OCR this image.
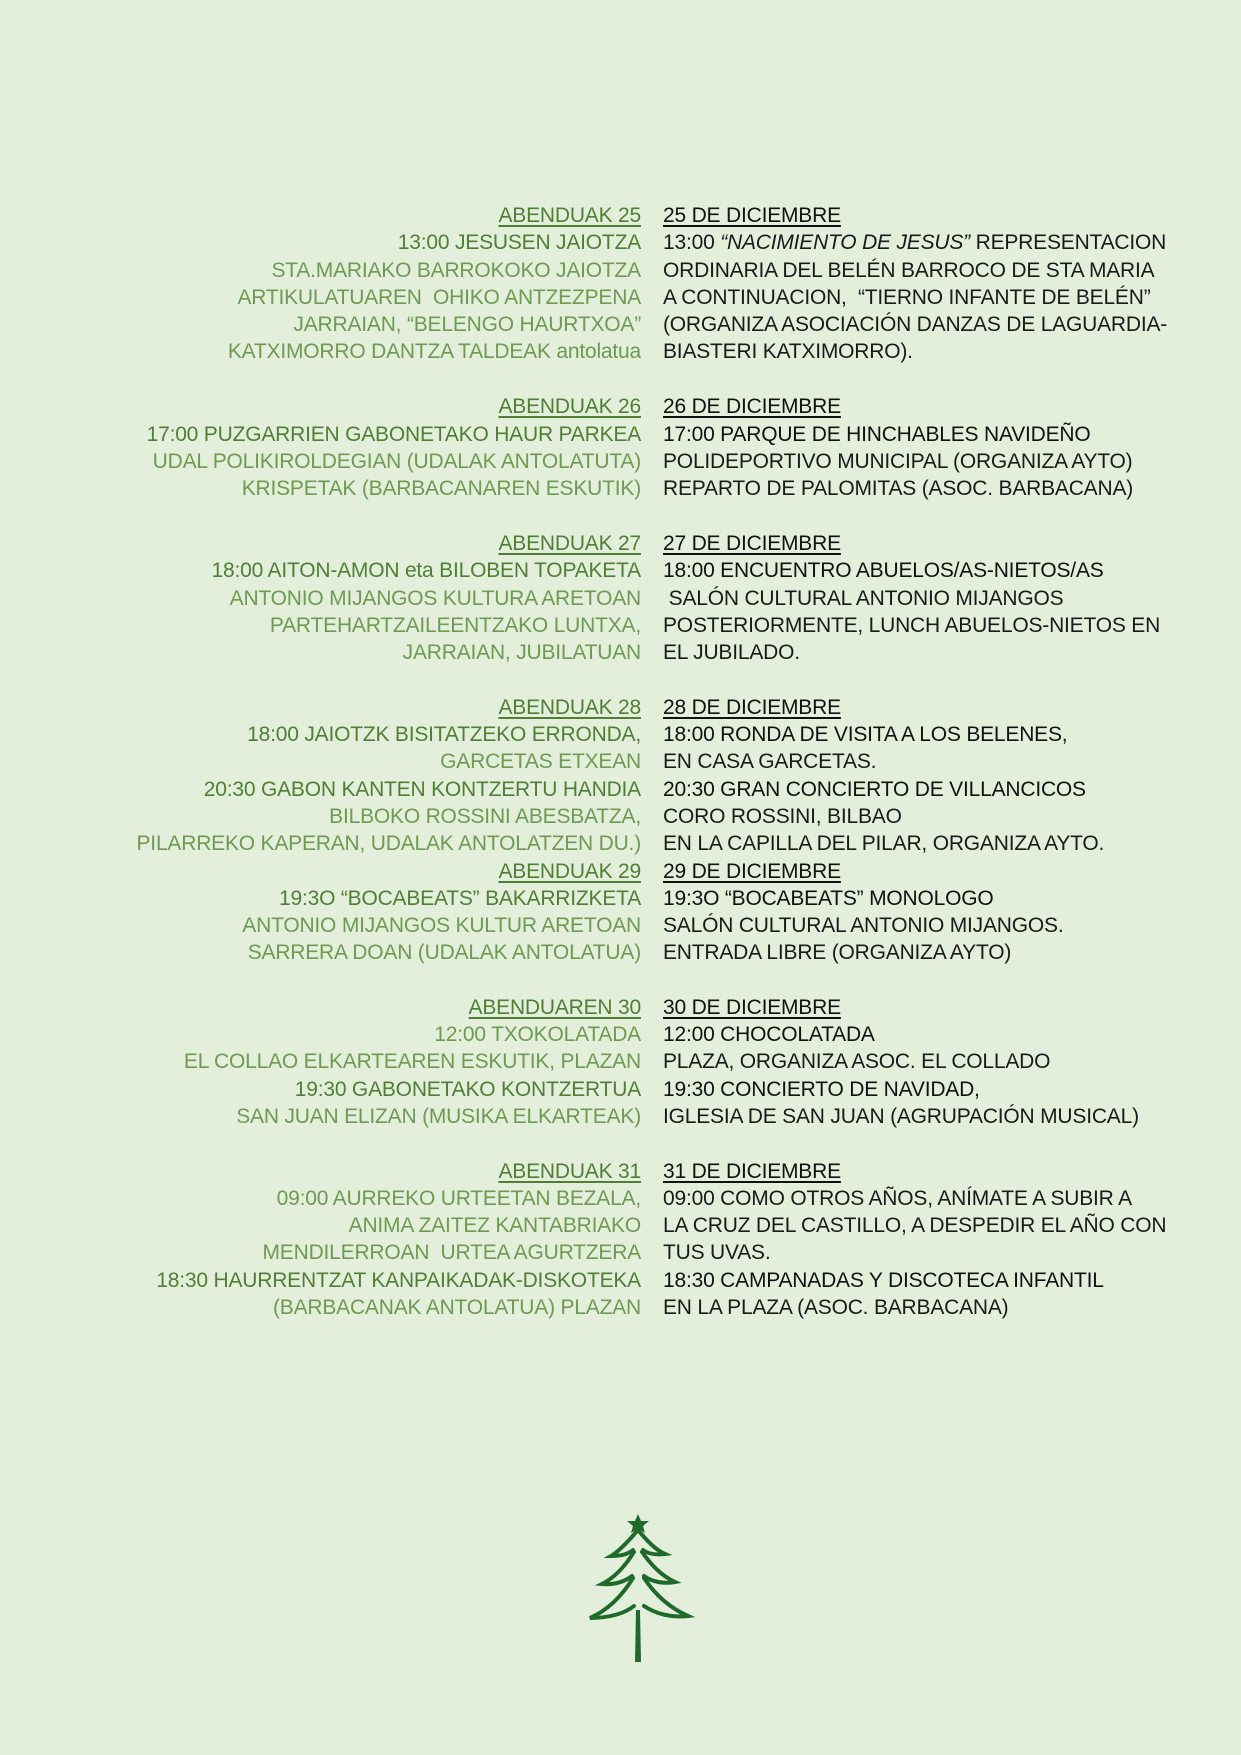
ABENDUAK 25
13:00 JESUSEN JAIOTZA
STA.MARIAKO BARROKOKO JAIOTZA
ARTIKULATUAREN  OHIKO ANTZEZPENA
JARRAIAN, “BELENGO HAURTXOA”
KATXIMORRO DANTZA TALDEAK antolatua
ABENDUAK 26
17:00 PUZGARRIEN GABONETAKO HAUR PARKEA
UDAL POLIKIROLDEGIAN (UDALAK ANTOLATUTA)
KRISPETAK (BARBACANAREN ESKUTIK)
ABENDUAK 27
18:00 AITON-AMON eta BILOBEN TOPAKETA
ANTONIO MIJANGOS KULTURA ARETOAN
PARTEHARTZAILEENTZAKO LUNTXA,
JARRAIAN, JUBILATUAN
ABENDUAK 28
18:00 JAIOTZK BISITATZEKO ERRONDA,
GARCETAS ETXEAN
20:30 GABON KANTEN KONTZERTU HANDIA
BILBOKO ROSSINI ABESBATZA,
PILARREKO KAPERAN, UDALAK ANTOLATZEN DU.)
ABENDUAK 29
19:3O “BOCABEATS” BAKARRIZKETA
ANTONIO MIJANGOS KULTUR ARETOAN
SARRERA DOAN (UDALAK ANTOLATUA)
ABENDUAREN 30
12:00 TXOKOLATADA
EL COLLAO ELKARTEAREN ESKUTIK, PLAZAN
19:30 GABONETAKO KONTZERTUA
SAN JUAN ELIZAN (MUSIKA ELKARTEAK)
ABENDUAK 31
09:00 AURREKO URTEETAN BEZALA,
ANIMA ZAITEZ KANTABRIAKO
MENDILERROAN  URTEA AGURTZERA
18:30 HAURRENTZAT KANPAIKADAK-DISKOTEKA
(BARBACANAK ANTOLATUA) PLAZAN
25 DE DICIEMBRE
13:00 “NACIMIENTO DE JESUS” REPRESENTACION
ORDINARIA DEL BELÉN BARROCO DE STA MARIA
A CONTINUACION,  “TIERNO INFANTE DE BELÉN”
(ORGANIZA ASOCIACIÓN DANZAS DE LAGUARDIA-
BIASTERI KATXIMORRO).
26 DE DICIEMBRE
17:00 PARQUE DE HINCHABLES NAVIDEÑO
POLIDEPORTIVO MUNICIPAL (ORGANIZA AYTO)
REPARTO DE PALOMITAS (ASOC. BARBACANA)
27 DE DICIEMBRE
18:00 ENCUENTRO ABUELOS/AS-NIETOS/AS
SALÓN CULTURAL ANTONIO MIJANGOS
POSTERIORMENTE, LUNCH ABUELOS-NIETOS EN
EL JUBILADO.
28 DE DICIEMBRE
18:00 RONDA DE VISITA A LOS BELENES,
EN CASA GARCETAS.
20:30 GRAN CONCIERTO DE VILLANCICOS
CORO ROSSINI, BILBAO
EN LA CAPILLA DEL PILAR, ORGANIZA AYTO.
29 DE DICIEMBRE
19:3O “BOCABEATS” MONOLOGO
SALÓN CULTURAL ANTONIO MIJANGOS.
ENTRADA LIBRE (ORGANIZA AYTO)
30 DE DICIEMBRE
12:00 CHOCOLATADA
PLAZA, ORGANIZA ASOC. EL COLLADO
19:30 CONCIERTO DE NAVIDAD,
IGLESIA DE SAN JUAN (AGRUPACIÓN MUSICAL)
31 DE DICIEMBRE
09:00 COMO OTROS AÑOS, ANÍMATE A SUBIR A
LA CRUZ DEL CASTILLO, A DESPEDIR EL AÑO CON
TUS UVAS.
18:30 CAMPANADAS Y DISCOTECA INFANTIL
EN LA PLAZA (ASOC. BARBACANA)
